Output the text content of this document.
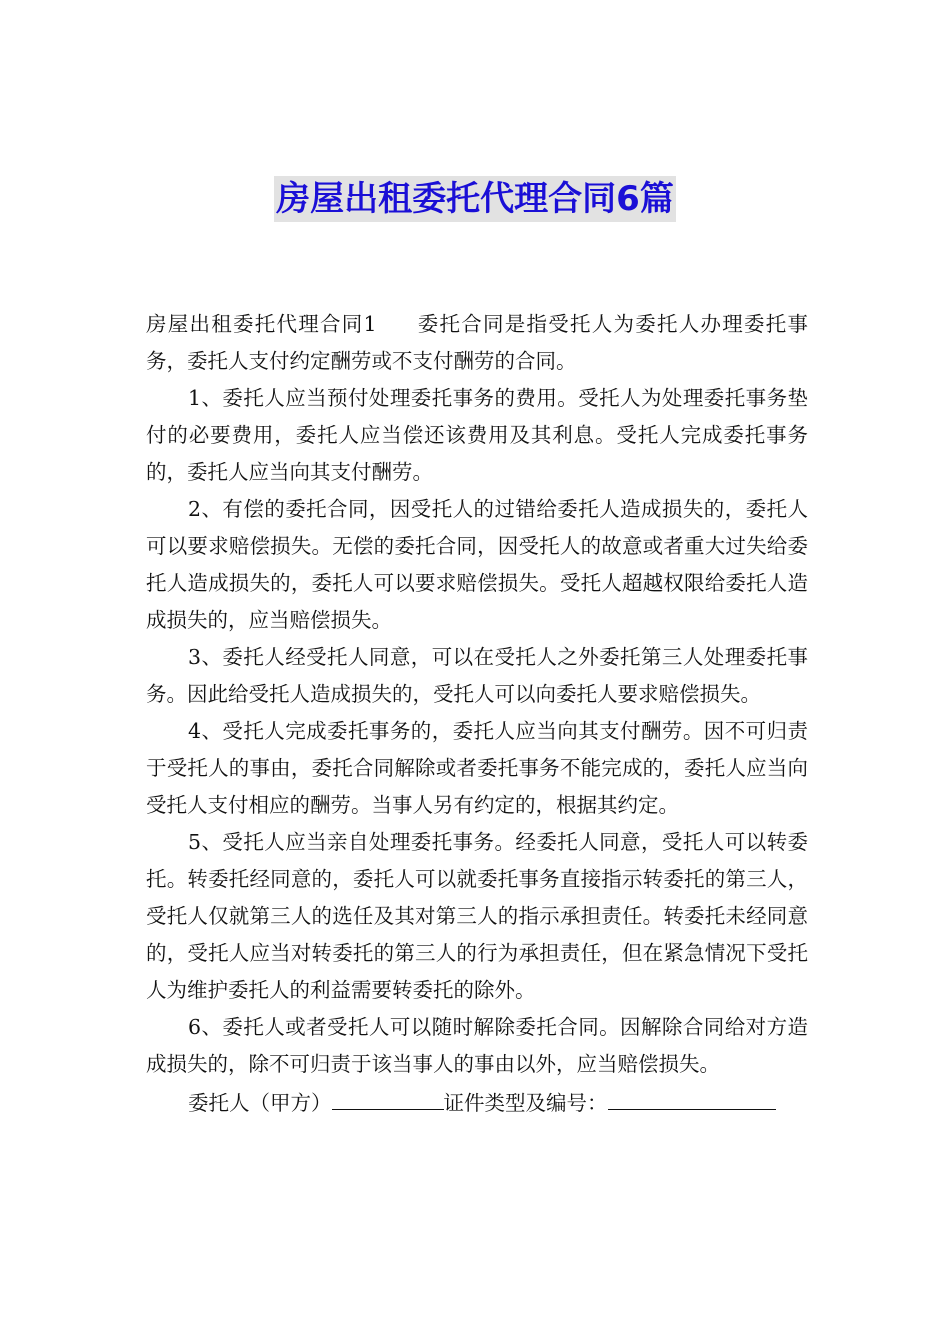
房屋出租委托代理合同6篇

房屋出租委托代理合同1 委托合同是指受托人为委托人办理委托事务，委托人支付约定酬劳或不支付酬劳的合同。

1、委托人应当预付处理委托事务的费用。受托人为处理委托事务垫付的必要费用，委托人应当偿还该费用及其利息。受托人完成委托事务的，委托人应当向其支付酬劳。

2、有偿的委托合同，因受托人的过错给委托人造成损失的，委托人可以要求赔偿损失。无偿的委托合同，因受托人的故意或者重大过失给委托人造成损失的，委托人可以要求赔偿损失。受托人超越权限给委托人造成损失的，应当赔偿损失。

3、委托人经受托人同意，可以在受托人之外委托第三人处理委托事务。因此给受托人造成损失的，受托人可以向委托人要求赔偿损失。

4、受托人完成委托事务的，委托人应当向其支付酬劳。因不可归责于受托人的事由，委托合同解除或者委托事务不能完成的，委托人应当向受托人支付相应的酬劳。当事人另有约定的，根据其约定。

5、受托人应当亲自处理委托事务。经委托人同意，受托人可以转委托。转委托经同意的，委托人可以就委托事务直接指示转委托的第三人，受托人仅就第三人的选任及其对第三人的指示承担责任。转委托未经同意的，受托人应当对转委托的第三人的行为承担责任，但在紧急情况下受托人为维护委托人的利益需要转委托的除外。

6、委托人或者受托人可以随时解除委托合同。因解除合同给对方造成损失的，除不可归责于该当事人的事由以外，应当赔偿损失。

委托人（甲方）	证件类型及编号：
